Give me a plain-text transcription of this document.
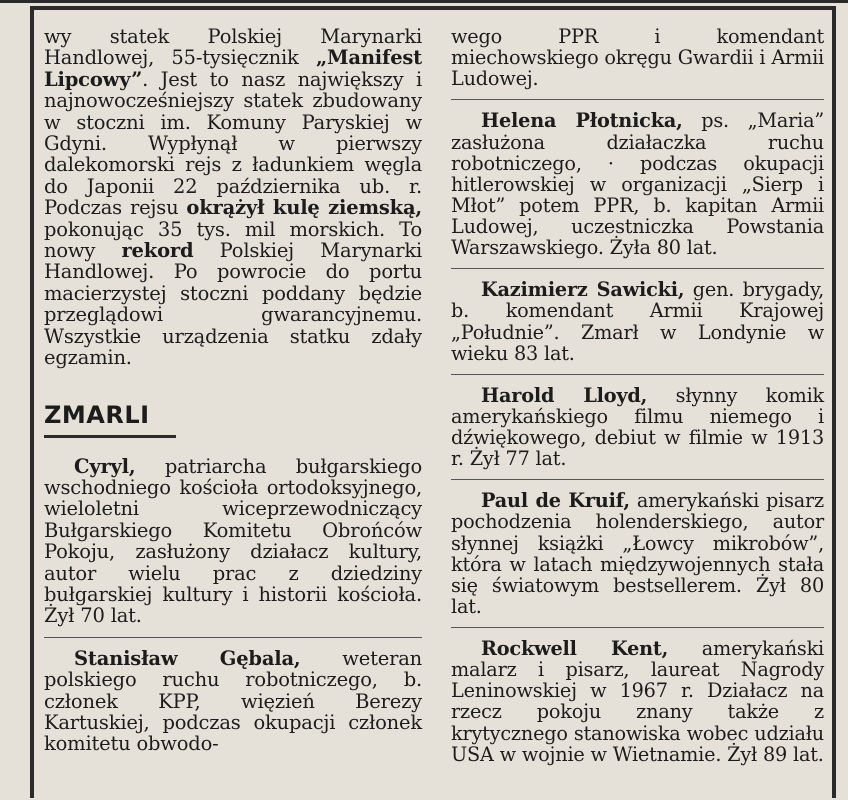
wy statek Polskiej Marynarki Handlowej, 55-tysięcznik „Manifest Lipcowy”. Jest to nasz największy i najnowocześniejszy statek zbudowany w stoczni im. Komuny Paryskiej w Gdyni. Wypłynął w pierwszy dalekomorski rejs z ładunkiem węgla do Japonii 22 października ub. r. Podczas rejsu okrążył kulę ziemską, pokonując 35 tys. mil morskich. To nowy rekord Polskiej Marynarki Handlowej. Po powrocie do portu macierzystej stoczni poddany będzie przeglądowi gwarancyjnemu. Wszystkie urządzenia statku zdały egzamin.

ZMARLI

Cyryl, patriarcha bułgarskiego wschodniego kościoła ortodoksyjnego, wieloletni wiceprzewodniczący Bułgarskiego Komitetu Obrońców Pokoju, zasłużony działacz kultury, autor wielu prac z dziedziny bułgarskiej kultury i historii kościoła. Żył 70 lat.

Stanisław Gębala, weteran polskiego ruchu robotniczego, b. członek KPP, więzień Berezy Kartuskiej, podczas okupacji członek komitetu obwodo-

wego PPR i komendant miechowskiego okręgu Gwardii i Armii Ludowej.

Helena Płotnicka, ps. „Maria” zasłużona działaczka ruchu robotniczego, · podczas okupacji hitlerowskiej w organizacji „Sierp i Młot” potem PPR, b. kapitan Armii Ludowej, uczestniczka Powstania Warszawskiego. Żyła 80 lat.

Kazimierz Sawicki, gen. brygady, b. komendant Armii Krajowej „Południe”. Zmarł w Londynie w wieku 83 lat.

Harold Lloyd, słynny komik amerykańskiego filmu niemego i dźwiękowego, debiut w filmie w 1913 r. Żył 77 lat.

Paul de Kruif, amerykański pisarz pochodzenia holenderskiego, autor słynnej książki „Łowcy mikrobów”, która w latach międzywojennych stała się światowym bestsellerem. Żył 80 lat.

Rockwell Kent, amerykański malarz i pisarz, laureat Nagrody Leninowskiej w 1967 r. Działacz na rzecz pokoju znany także z krytycznego stanowiska wobec udziału USA w wojnie w Wietnamie. Żył 89 lat.
